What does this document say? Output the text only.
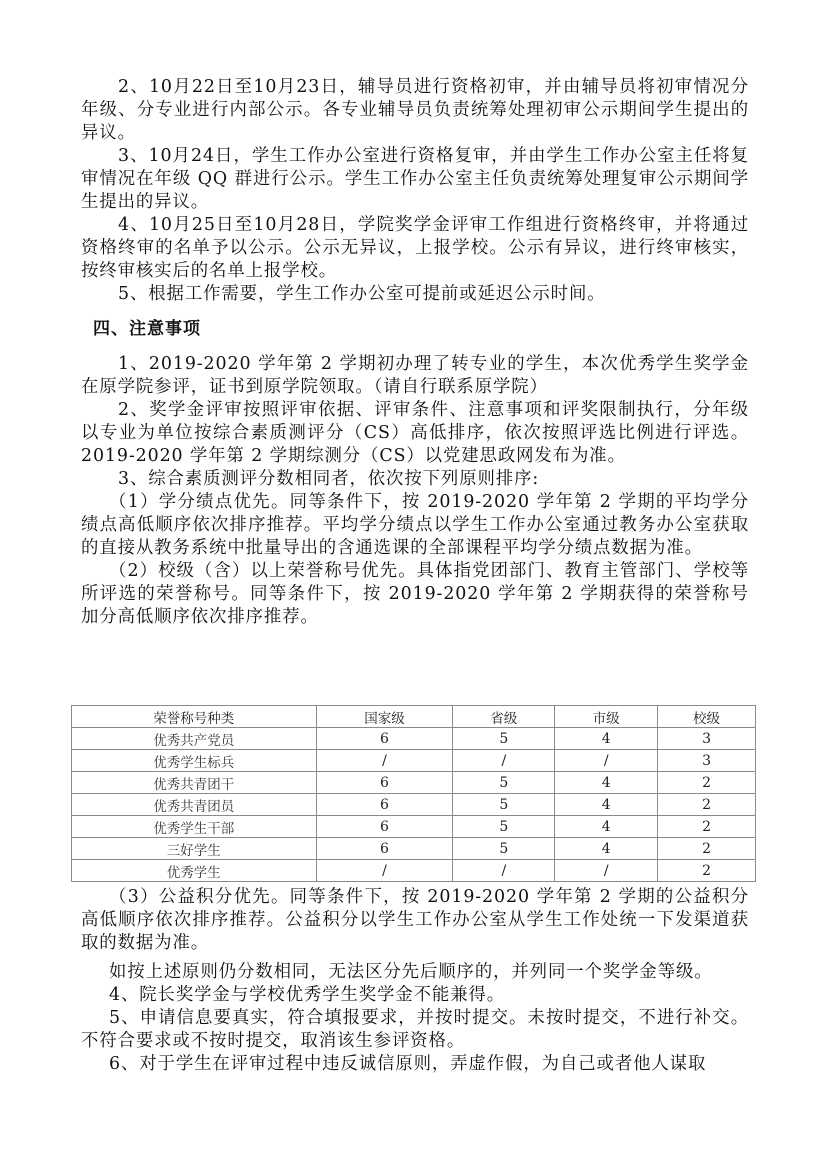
2、10月22日至10月23日，辅导员进行资格初审，并由辅导员将初审情况分年级、分专业进行内部公示。各专业辅导员负责统筹处理初审公示期间学生提出的异议。

3、10月24日，学生工作办公室进行资格复审，并由学生工作办公室主任将复审情况在年级 QQ 群进行公示。学生工作办公室主任负责统筹处理复审公示期间学生提出的异议。

4、10月25日至10月28日，学院奖学金评审工作组进行资格终审，并将通过资格终审的名单予以公示。公示无异议，上报学校。公示有异议，进行终审核实，按终审核实后的名单上报学校。

5、根据工作需要，学生工作办公室可提前或延迟公示时间。

四、注意事项

1、2019-2020 学年第 2 学期初办理了转专业的学生，本次优秀学生奖学金在原学院参评，证书到原学院领取。（请自行联系原学院）

2、奖学金评审按照评审依据、评审条件、注意事项和评奖限制执行，分年级以专业为单位按综合素质测评分（CS）高低排序，依次按照评选比例进行评选。2019-2020 学年第 2 学期综测分（CS）以党建思政网发布为准。

3、综合素质测评分数相同者，依次按下列原则排序:

（1）学分绩点优先。同等条件下，按 2019-2020 学年第 2 学期的平均学分绩点高低顺序依次排序推荐。平均学分绩点以学生工作办公室通过教务办公室获取的直接从教务系统中批量导出的含通选课的全部课程平均学分绩点数据为准。

（2）校级（含）以上荣誉称号优先。具体指党团部门、教育主管部门、学校等所评选的荣誉称号。同等条件下，按 2019-2020 学年第 2 学期获得的荣誉称号加分高低顺序依次排序推荐。

荣誉称号种类	国家级	省级	市级	校级
优秀共产党员	6	5	4	3
优秀学生标兵	/	/	/	3
优秀共青团干	6	5	4	2
优秀共青团员	6	5	4	2
优秀学生干部	6	5	4	2
三好学生	6	5	4	2
优秀学生	/	/	/	2

（3）公益积分优先。同等条件下，按 2019-2020 学年第 2 学期的公益积分高低顺序依次排序推荐。公益积分以学生工作办公室从学生工作处统一下发渠道获取的数据为准。

如按上述原则仍分数相同，无法区分先后顺序的，并列同一个奖学金等级。

4、院长奖学金与学校优秀学生奖学金不能兼得。

5、申请信息要真实，符合填报要求，并按时提交。未按时提交，不进行补交。不符合要求或不按时提交，取消该生参评资格。

6、对于学生在评审过程中违反诚信原则，弄虚作假，为自己或者他人谋取
